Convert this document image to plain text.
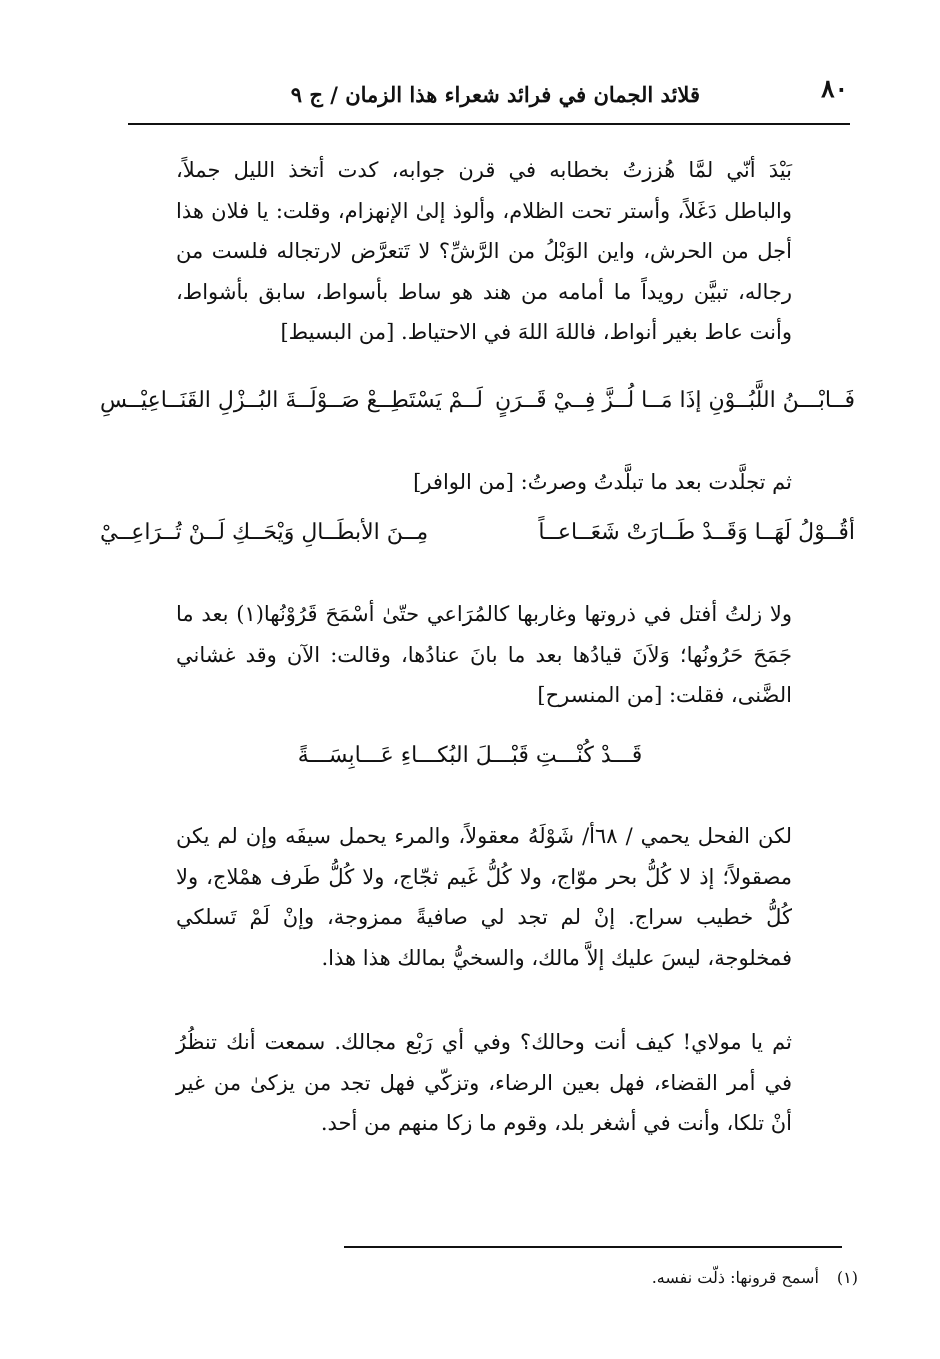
٨٠
قلائد الجمان في فرائد شعراء هذا الزمان / ج ٩

بَيْدَ أنّي لمَّا هُززتُ بخطابه في قرن جوابه، كدت أتخذ الليل جملاً، والباطل دَغَلاً، وأستر تحت الظلام، وألوذ إلىٰ الإنهزام، وقلت: يا فلان هذا أجل من الحرش، واين الوَبْلُ من الرَّشِّ؟ لا تَتعرَّض لارتجاله فلست من رجاله، تبيَّن رويداً ما أمامه من هند هو ساط بأسواط، سابق بأشواط، وأنت عاط بغير أنواط، فاللهَ اللهَ في الاحتياط. [من البسيط]

فَــابْـــنُ اللَّبُــوْنِ إذَا مَــا لُــزَّ فِــيْ قَــرَنٍ
لَــمْ يَسْتَطِــعْ صَــوْلَــةَ البُــزْلِ القَنَــاعِيْــسِ

ثم تجلَّدت بعد ما تبلَّدتُ وصرتُ: [من الوافر]

أقُــوْلُ لَهَــا وَقَــدْ طَــارَتْ شَعَــاعــاً
مِــنَ الأبطَــالِ وَيْحَــكِ لَــنْ تُــرَاعِــيْ

ولا زلتُ أفتل في ذروتها وغاربها كالمُرَاعي حتّىٰ أسْمَحَ قَرُوْنُها(١) بعد ما جَمَحَ حَرُونُها؛ وَلاَنَ قيادُها بعد ما بانَ عنادُها، وقالت: الآن وقد غشاني الضَّنى، فقلت: [من المنسرح]

قَـــدْ كُنْـــتِ قَبْـــلَ البُكـــاءِ عَـــابِسَـــةً

لكن الفحل يحمي / ٦٨أ/ شَوْلَهُ معقولاً، والمرء يحمل سيفَه وإن لم يكن مصقولاً؛ إذ لا كُلُّ بحر موّاج، ولا كُلُّ غَيم ثجّاج، ولا كُلُّ طَرف همْلاج، ولا كُلُّ خطيب سراج. إنْ لم تجد لي صافيةً ممزوجة، وإنْ لَمْ تَسلكي فمخلوجة، ليسَ عليك إلاَّ مالك، والسخيُّ بمالك هذا هذا.

ثم يا مولاي! كيف أنت وحالك؟ وفي أي رَبْع مجالك. سمعت أنك تنظُرُ في أمر القضاء، فهل بعين الرضاء، وتزكّي فهل تجد من يزكىٰ من غير أنْ تلكا، وأنت في أشغر بلد، وقوم ما زكا منهم من أحد.

(١)أسمح قرونها: ذلّت نفسه.
